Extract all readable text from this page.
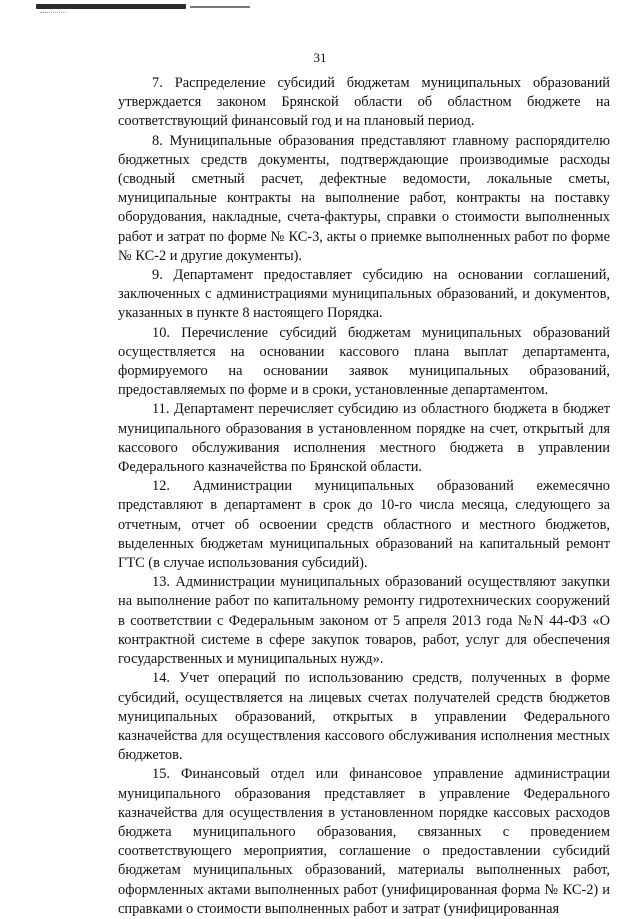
31

7. Распределение субсидий бюджетам муниципальных образований утверждается законом Брянской области об областном бюджете на соответствующий финансовый год и на плановый период.

8. Муниципальные образования представляют главному распорядителю бюджетных средств документы, подтверждающие производимые расходы (сводный сметный расчет, дефектные ведомости, локальные сметы, муниципальные контракты на выполнение работ, контракты на поставку оборудования, накладные, счета-фактуры, справки о стоимости выполненных работ и затрат по форме № КС-3, акты о приемке выполненных работ по форме № КС-2 и другие документы).

9. Департамент предоставляет субсидию на основании соглашений, заключенных с администрациями муниципальных образований, и документов, указанных в пункте 8 настоящего Порядка.

10. Перечисление субсидий бюджетам муниципальных образований осуществляется на основании кассового плана выплат департамента, формируемого на основании заявок муниципальных образований, предоставляемых по форме и в сроки, установленные департаментом.

11. Департамент перечисляет субсидию из областного бюджета в бюджет муниципального образования в установленном порядке на счет, открытый для кассового обслуживания исполнения местного бюджета в управлении Федерального казначейства по Брянской области.

12. Администрации муниципальных образований ежемесячно представляют в департамент в срок до 10-го числа месяца, следующего за отчетным, отчет об освоении средств областного и местного бюджетов, выделенных бюджетам муниципальных образований на капитальный ремонт ГТС (в случае использования субсидий).

13. Администрации муниципальных образований осуществляют закупки на выполнение работ по капитальному ремонту гидротехнических сооружений в соответствии с Федеральным законом от 5 апреля 2013 года №N 44-ФЗ «О контрактной системе в сфере закупок товаров, работ, услуг для обеспечения государственных и муниципальных нужд».

14. Учет операций по использованию средств, полученных в форме субсидий, осуществляется на лицевых счетах получателей средств бюджетов муниципальных образований, открытых в управлении Федерального казначейства для осуществления кассового обслуживания исполнения местных бюджетов.

15. Финансовый отдел или финансовое управление администрации муниципального образования представляет в управление Федерального казначейства для осуществления в установленном порядке кассовых расходов бюджета муниципального образования, связанных с проведением соответствующего мероприятия, соглашение о предоставлении субсидий бюджетам муниципальных образований, материалы выполненных работ, оформленных актами выполненных работ (унифицированная форма № КС-2) и справками о стоимости выполненных работ и затрат (унифицированная
